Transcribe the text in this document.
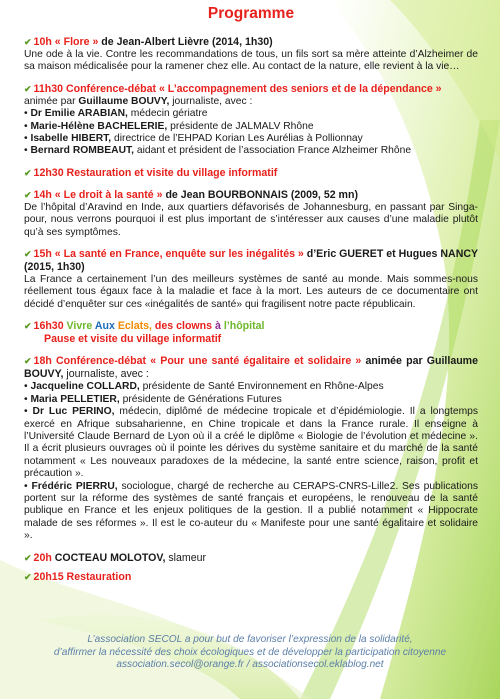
Programme
✔ 10h « Flore » de Jean-Albert Lièvre (2014, 1h30)
Une ode à la vie. Contre les recommandations de tous, un fils sort sa mère atteinte d’Alzheimer de sa maison médicalisée pour la ramener chez elle. Au contact de la nature, elle revient à la vie…
✔ 11h30 Conférence-débat « L’accompagnement des seniors et de la dépendance »
animée par Guillaume BOUVY, journaliste, avec :
• Dr Emilie ARABIAN, médecin gériatre
• Marie-Hélène BACHELERIE, présidente de JALMALV Rhône
• Isabelle HIBERT, directrice de l’EHPAD Korian Les Aurélias à Pollionnay
• Bernard ROMBEAUT, aidant et président de l’association France Alzheimer Rhône
✔ 12h30 Restauration et visite du village informatif
✔ 14h « Le droit à la santé » de Jean BOURBONNAIS (2009, 52 mn)
De l’hôpital d’Aravind en Inde, aux quartiers défavorisés de Johannesburg, en passant par Singa-pour, nous verrons pourquoi il est plus important de s’intéresser aux causes d’une maladie plutôt qu’à ses symptômes.
✔ 15h « La santé en France, enquête sur les inégalités » d’Eric GUERET et Hugues NANCY (2015, 1h30)
La France a certainement l’un des meilleurs systèmes de santé au monde. Mais sommes-nous réellement tous égaux face à la maladie et face à la mort. Les auteurs de ce documentaire ont décidé d’enquêter sur ces «inégalités de santé» qui fragilisent notre pacte républicain.
✔ 16h30 Vivre Aux Eclats, des clowns à l’hôpital
Pause et visite du village informatif
✔ 18h Conférence-débat « Pour une santé égalitaire et solidaire » animée par Guillaume BOUVY, journaliste, avec :
• Jacqueline COLLARD, présidente de Santé Environnement en Rhône-Alpes
• Maria PELLETIER, présidente de Générations Futures
• Dr Luc PERINO, médecin, diplômé de médecine tropicale et d’épidémiologie. Il a longtemps exercé en Afrique subsaharienne, en Chine tropicale et dans la France rurale. Il enseigne à l’Université Claude Bernard de Lyon où il a créé le diplôme « Biologie de l’évolution et médecine ». Il a écrit plusieurs ouvrages où il pointe les dérives du système sanitaire et du marché de la santé notamment « Les nouveaux paradoxes de la médecine, la santé entre science, raison, profit et précaution ».
• Frédéric PIERRU, sociologue, chargé de recherche au CERAPS-CNRS-Lille2. Ses publications portent sur la réforme des systèmes de santé français et européens, le renouveau de la santé publique en France et les enjeux politiques de la gestion. Il a publié notamment « Hippocrate malade de ses réformes ». Il est le co-auteur du « Manifeste pour une santé égalitaire et solidaire ».
✔ 20h COCTEAU MOLOTOV, slameur
✔ 20h15 Restauration
L’association SECOL a pour but de favoriser l’expression de la solidarité,
d’affirmer la nécessité des choix écologiques et de développer la participation citoyenne
association.secol@orange.fr / associationsecol.eklablog.net
